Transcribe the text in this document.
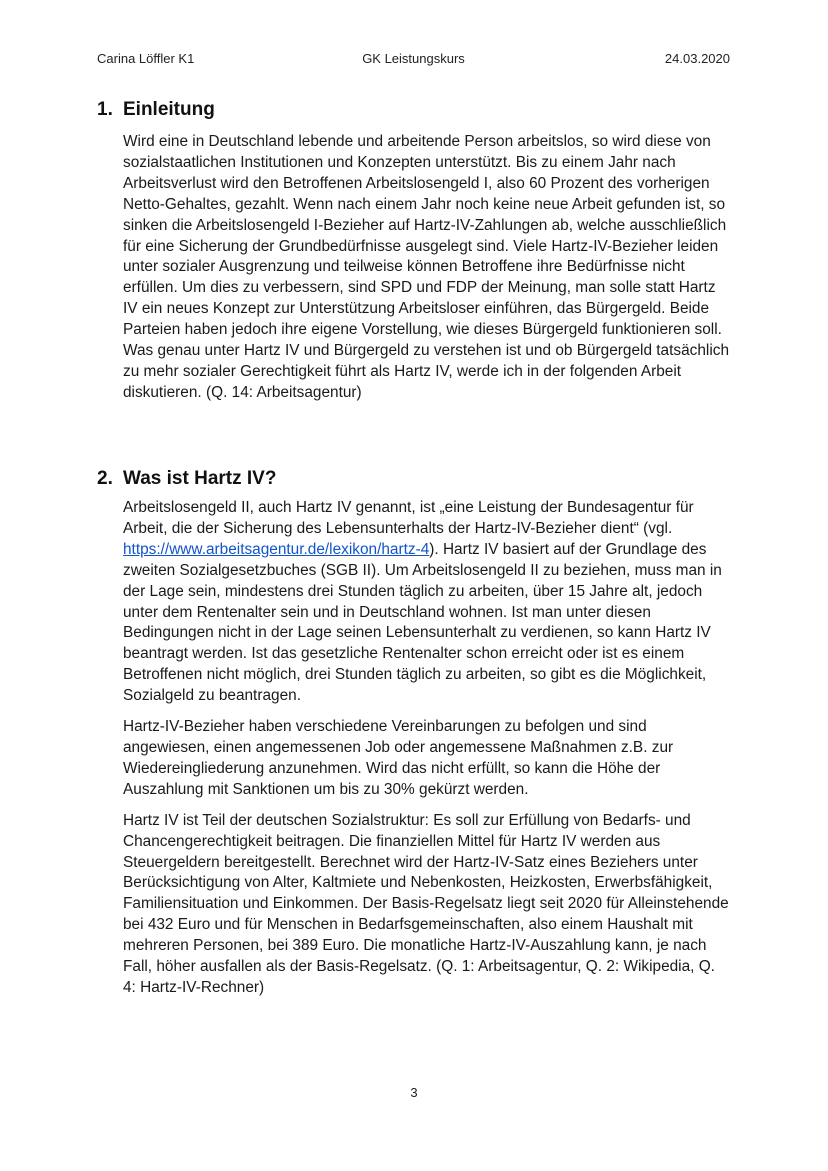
Carina Löffler K1	GK Leistungskurs	24.03.2020
1. Einleitung

Wird eine in Deutschland lebende und arbeitende Person arbeitslos, so wird diese von sozialstaatlichen Institutionen und Konzepten unterstützt. Bis zu einem Jahr nach Arbeitsverlust wird den Betroffenen Arbeitslosengeld I, also 60 Prozent des vorherigen Netto-Gehaltes, gezahlt. Wenn nach einem Jahr noch keine neue Arbeit gefunden ist, so sinken die Arbeitslosengeld I-Bezieher auf Hartz-IV-Zahlungen ab, welche ausschließlich für eine Sicherung der Grundbedürfnisse ausgelegt sind. Viele Hartz-IV-Bezieher leiden unter sozialer Ausgrenzung und teilweise können Betroffene ihre Bedürfnisse nicht erfüllen. Um dies zu verbessern, sind SPD und FDP der Meinung, man solle statt Hartz IV ein neues Konzept zur Unterstützung Arbeitsloser einführen, das Bürgergeld. Beide Parteien haben jedoch ihre eigene Vorstellung, wie dieses Bürgergeld funktionieren soll. Was genau unter Hartz IV und Bürgergeld zu verstehen ist und ob Bürgergeld tatsächlich zu mehr sozialer Gerechtigkeit führt als Hartz IV, werde ich in der folgenden Arbeit diskutieren. (Q. 14: Arbeitsagentur)

2. Was ist Hartz IV?

Arbeitslosengeld II, auch Hartz IV genannt, ist „eine Leistung der Bundesagentur für Arbeit, die der Sicherung des Lebensunterhalts der Hartz-IV-Bezieher dient“ (vgl. https://www.arbeitsagentur.de/lexikon/hartz-4). Hartz IV basiert auf der Grundlage des zweiten Sozialgesetzbuches (SGB II). Um Arbeitslosengeld II zu beziehen, muss man in der Lage sein, mindestens drei Stunden täglich zu arbeiten, über 15 Jahre alt, jedoch unter dem Rentenalter sein und in Deutschland wohnen. Ist man unter diesen Bedingungen nicht in der Lage seinen Lebensunterhalt zu verdienen, so kann Hartz IV beantragt werden. Ist das gesetzliche Rentenalter schon erreicht oder ist es einem Betroffenen nicht möglich, drei Stunden täglich zu arbeiten, so gibt es die Möglichkeit, Sozialgeld zu beantragen.

Hartz-IV-Bezieher haben verschiedene Vereinbarungen zu befolgen und sind angewiesen, einen angemessenen Job oder angemessene Maßnahmen z.B. zur Wiedereingliederung anzunehmen. Wird das nicht erfüllt, so kann die Höhe der Auszahlung mit Sanktionen um bis zu 30% gekürzt werden.

Hartz IV ist Teil der deutschen Sozialstruktur: Es soll zur Erfüllung von Bedarfs- und Chancengerechtigkeit beitragen. Die finanziellen Mittel für Hartz IV werden aus Steuergeldern bereitgestellt. Berechnet wird der Hartz-IV-Satz eines Beziehers unter Berücksichtigung von Alter, Kaltmiete und Nebenkosten, Heizkosten, Erwerbsfähigkeit, Familiensituation und Einkommen. Der Basis-Regelsatz liegt seit 2020 für Alleinstehende bei 432 Euro und für Menschen in Bedarfsgemeinschaften, also einem Haushalt mit mehreren Personen, bei 389 Euro. Die monatliche Hartz-IV-Auszahlung kann, je nach Fall, höher ausfallen als der Basis-Regelsatz. (Q. 1: Arbeitsagentur, Q. 2: Wikipedia, Q. 4: Hartz-IV-Rechner)

3
